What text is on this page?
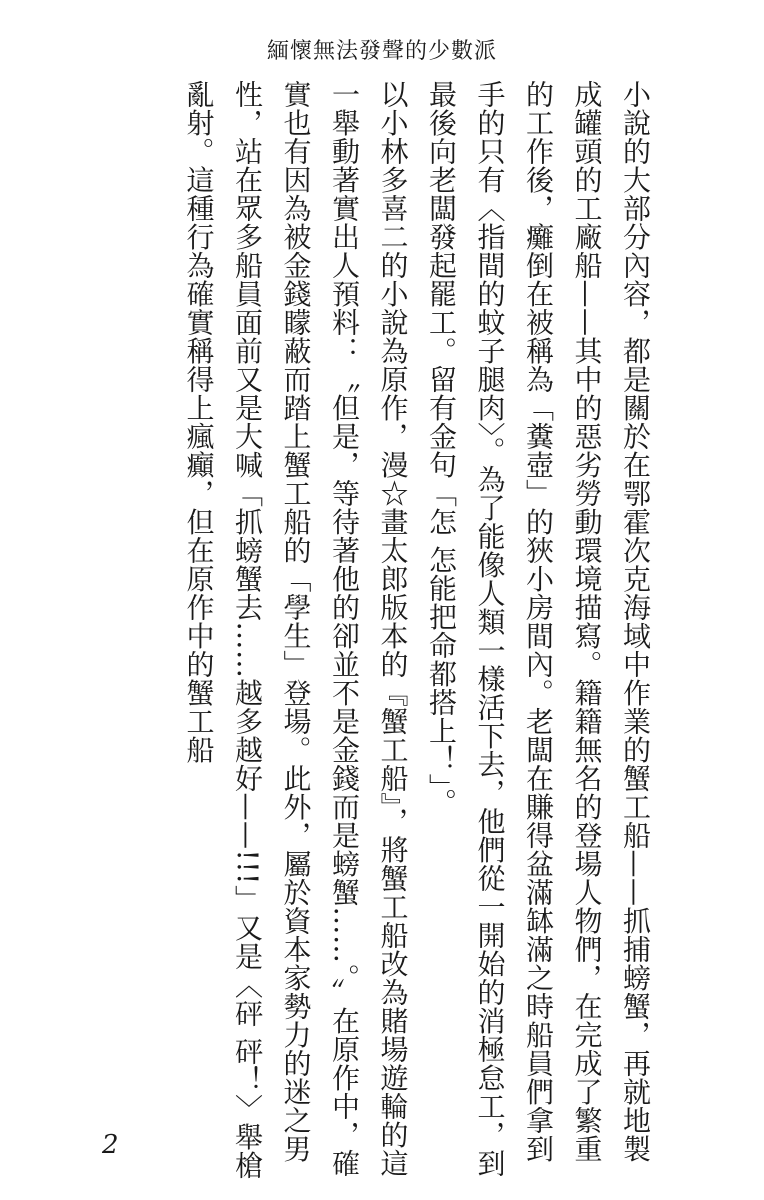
緬懷無法發聲的少數派

小說的大部分內容，都是關於在鄂霍次克海域中作業的蟹工船——抓捕螃蟹，再就地製成罐頭的工廠船——其中的惡劣勞動環境描寫。籍籍無名的登場人物們，在完成了繁重的工作後，癱倒在被稱為「糞壺」的狹小房間內。老闆在賺得盆滿缽滿之時船員們拿到手的只有〈指間的蚊子腿肉〉。為了能像人類一樣活下去，他們從一開始的消極怠工，到最後向老闆發起罷工。留有金句「怎 怎能把命都搭上！」。

以小林多喜二的小說為原作，漫☆畫太郎版本的『蟹工船』，將蟹工船改為賭場遊輪的這一舉動著實出人預料：〝但是，等待著他的卻並不是金錢而是螃蟹……。〞在原作中，確實也有因為被金錢矇蔽而踏上蟹工船的「學生」登場。此外，屬於資本家勢力的迷之男性，站在眾多船員面前又是大喊「抓螃蟹去……越多越好——!!!」又是〈砰 砰！〉舉槍亂射。這種行為確實稱得上瘋癲，但在原作中的蟹工船

2
